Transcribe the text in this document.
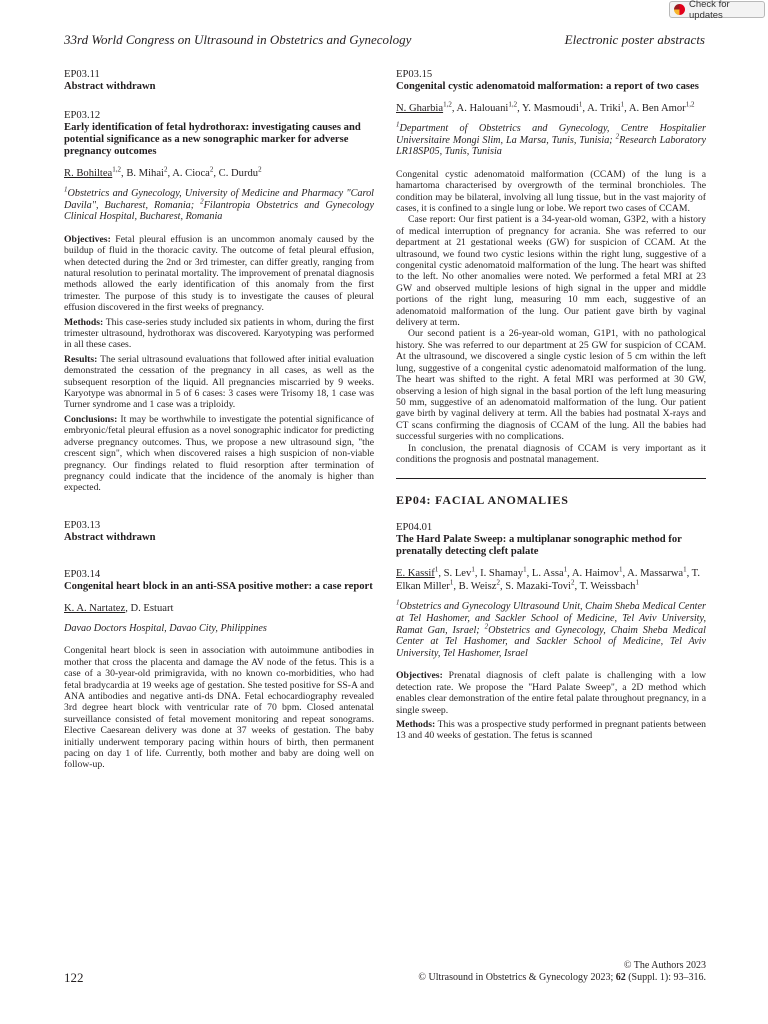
Check for updates
33rd World Congress on Ultrasound in Obstetrics and Gynecology	Electronic poster abstracts
EP03.11
Abstract withdrawn
EP03.12
Early identification of fetal hydrothorax: investigating causes and potential significance as a new sonographic marker for adverse pregnancy outcomes
R. Bohiltea$^{1,2}$, B. Mihai$^2$, A. Cioca$^2$, C. Durdu$^2$
$^1$Obstetrics and Gynecology, University of Medicine and Pharmacy "Carol Davila", Bucharest, Romania; $^2$Filantropia Obstetrics and Gynecology Clinical Hospital, Bucharest, Romania

Objectives: Fetal pleural effusion is an uncommon anomaly caused by the buildup of fluid in the thoracic cavity. The outcome of fetal pleural effusion, when detected during the 2nd or 3rd trimester, can differ greatly, ranging from natural resolution to perinatal mortality. The improvement of prenatal diagnosis methods allowed the early identification of this anomaly from the first trimester. The purpose of this study is to investigate the causes of pleural effusion discovered in the first weeks of pregnancy.

Methods: This case-series study included six patients in whom, during the first trimester ultrasound, hydrothorax was discovered. Karyotyping was performed in all these cases.

Results: The serial ultrasound evaluations that followed after initial evaluation demonstrated the cessation of the pregnancy in all cases, as well as the subsequent resorption of the liquid. All pregnancies miscarried by 9 weeks. Karyotype was abnormal in 5 of 6 cases: 3 cases were Trisomy 18, 1 case was Turner syndrome and 1 case was a triploidy.

Conclusions: It may be worthwhile to investigate the potential significance of embryonic/fetal pleural effusion as a novel sonographic indicator for predicting adverse pregnancy outcomes. Thus, we propose a new ultrasound sign, "the crescent sign", which when discovered raises a high suspicion of non-viable pregnancy. Our findings related to fluid resorption after termination of pregnancy could indicate that the incidence of the anomaly is higher than expected.

EP03.13
Abstract withdrawn
EP03.14
Congenital heart block in an anti-SSA positive mother: a case report
K. A. Nartatez, D. Estuart
Davao Doctors Hospital, Davao City, Philippines

Congenital heart block is seen in association with autoimmune antibodies in mother that cross the placenta and damage the AV node of the fetus. This is a case of a 30-year-old primigravida, with no known co-morbidities, who had fetal bradycardia at 19 weeks age of gestation. She tested positive for SS-A and ANA antibodies and negative anti-ds DNA. Fetal echocardiography revealed 3rd degree heart block with ventricular rate of 70 bpm. Closed antenatal surveillance consisted of fetal movement monitoring and repeat sonograms. Elective Caesarean delivery was done at 37 weeks of gestation. The baby initially underwent temporary pacing within hours of birth, then permanent pacing on day 1 of life. Currently, both mother and baby are doing well on follow-up.

EP03.15
Congenital cystic adenomatoid malformation: a report of two cases
N. Gharbia$^{1,2}$, A. Halouani$^{1,2}$, Y. Masmoudi$^1$, A. Triki$^1$, A. Ben Amor$^{1,2}$
$^1$Department of Obstetrics and Gynecology, Centre Hospitalier Universitaire Mongi Slim, La Marsa, Tunis, Tunisia; $^2$Research Laboratory LR18SP05, Tunis, Tunisia

Congenital cystic adenomatoid malformation (CCAM) of the lung is a hamartoma characterised by overgrowth of the terminal bronchioles. The condition may be bilateral, involving all lung tissue, but in the vast majority of cases, it is confined to a single lung or lobe. We report two cases of CCAM.

Case report: Our first patient is a 34-year-old woman, G3P2, with a history of medical interruption of pregnancy for acrania. She was referred to our department at 21 gestational weeks (GW) for suspicion of CCAM. At the ultrasound, we found two cystic lesions within the right lung, suggestive of a congenital cystic adenomatoid malformation of the lung. The heart was shifted to the left. No other anomalies were noted. We performed a fetal MRI at 23 GW and observed multiple lesions of high signal in the upper and middle portions of the right lung, measuring 10 mm each, suggestive of an adenomatoid malformation of the lung. Our patient gave birth by vaginal delivery at term.

Our second patient is a 26-year-old woman, G1P1, with no pathological history. She was referred to our department at 25 GW for suspicion of CCAM. At the ultrasound, we discovered a single cystic lesion of 5 cm within the left lung, suggestive of a congenital cystic adenomatoid malformation of the lung. The heart was shifted to the right. A fetal MRI was performed at 30 GW, observing a lesion of high signal in the basal portion of the left lung measuring 50 mm, suggestive of an adenomatoid malformation of the lung. Our patient gave birth by vaginal delivery at term. All the babies had postnatal X-rays and CT scans confirming the diagnosis of CCAM of the lung. All the babies had successful surgeries with no complications.

In conclusion, the prenatal diagnosis of CCAM is very important as it conditions the prognosis and postnatal management.

EP04: FACIAL ANOMALIES
EP04.01
The Hard Palate Sweep: a multiplanar sonographic method for prenatally detecting cleft palate
E. Kassif$^1$, S. Lev$^1$, I. Shamay$^1$, L. Assa$^1$, A. Haimov$^1$, A. Massarwa$^1$, T. Elkan Miller$^1$, B. Weisz$^2$, S. Mazaki-Tovi$^2$, T. Weissbach$^1$
$^1$Obstetrics and Gynecology Ultrasound Unit, Chaim Sheba Medical Center at Tel Hashomer, and Sackler School of Medicine, Tel Aviv University, Ramat Gan, Israel; $^2$Obstetrics and Gynecology, Chaim Sheba Medical Center at Tel Hashomer, and Sackler School of Medicine, Tel Aviv University, Tel Hashomer, Israel

Objectives: Prenatal diagnosis of cleft palate is challenging with a low detection rate. We propose the "Hard Palate Sweep", a 2D method which enables clear demonstration of the entire fetal palate throughout pregnancy, in a single sweep.

Methods: This was a prospective study performed in pregnant patients between 13 and 40 weeks of gestation. The fetus is scanned

122
© The Authors 2023
© Ultrasound in Obstetrics & Gynecology 2023; 62 (Suppl. 1): 93–316.
